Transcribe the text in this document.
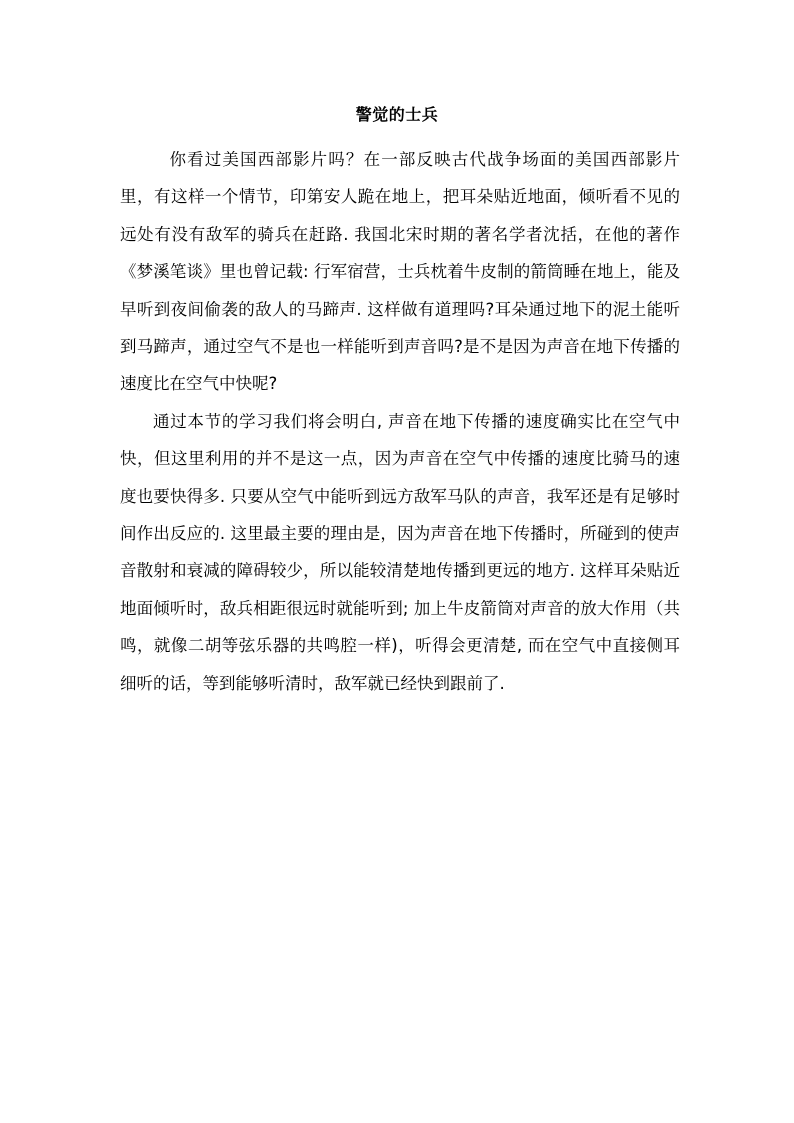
警觉的士兵

你看过美国西部影片吗？在一部反映古代战争场面的美国西部影片里，有这样一个情节，印第安人跪在地上，把耳朵贴近地面，倾听看不见的远处有没有敌军的骑兵在赶路. 我国北宋时期的著名学者沈括，在他的著作《梦溪笔谈》里也曾记载: 行军宿营，士兵枕着牛皮制的箭筒睡在地上，能及早听到夜间偷袭的敌人的马蹄声. 这样做有道理吗?耳朵通过地下的泥土能听到马蹄声，通过空气不是也一样能听到声音吗?是不是因为声音在地下传播的速度比在空气中快呢?

通过本节的学习我们将会明白, 声音在地下传播的速度确实比在空气中快，但这里利用的并不是这一点，因为声音在空气中传播的速度比骑马的速度也要快得多. 只要从空气中能听到远方敌军马队的声音，我军还是有足够时间作出反应的. 这里最主要的理由是，因为声音在地下传播时，所碰到的使声音散射和衰减的障碍较少，所以能较清楚地传播到更远的地方. 这样耳朵贴近地面倾听时，敌兵相距很远时就能听到; 加上牛皮箭筒对声音的放大作用（共鸣，就像二胡等弦乐器的共鸣腔一样)，听得会更清楚, 而在空气中直接侧耳细听的话，等到能够听清时，敌军就已经快到跟前了.
